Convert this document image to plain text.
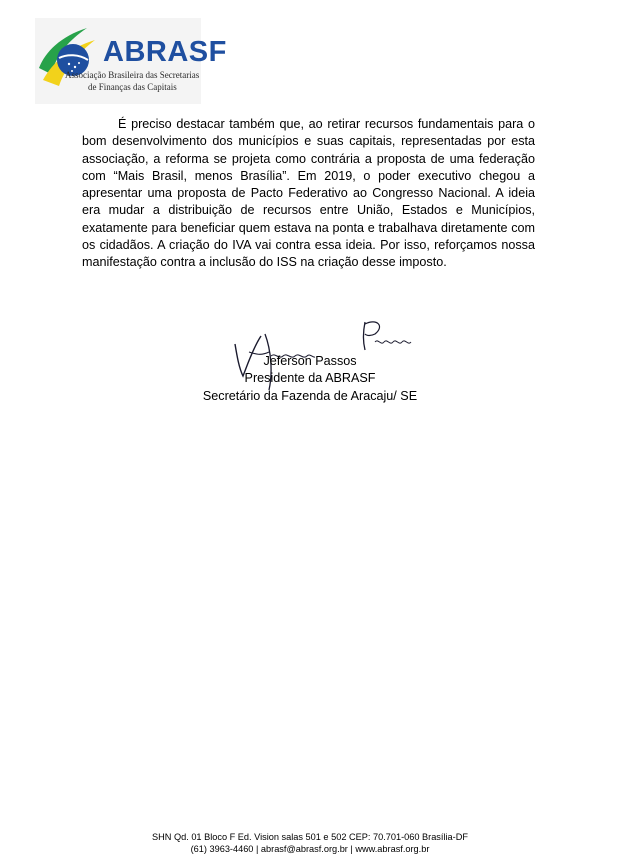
ABRASF
Associação Brasileira das Secretarias
de Finanças das Capitais

É preciso destacar também que, ao retirar recursos fundamentais para o bom desenvolvimento dos municípios e suas capitais, representadas por esta associação, a reforma se projeta como contrária a proposta de uma federação com “Mais Brasil, menos Brasília”. Em 2019, o poder executivo chegou a apresentar uma proposta de Pacto Federativo ao Congresso Nacional. A ideia era mudar a distribuição de recursos entre União, Estados e Municípios, exatamente para beneficiar quem estava na ponta e trabalhava diretamente com os cidadãos. A criação do IVA vai contra essa ideia. Por isso, reforçamos nossa manifestação contra a inclusão do ISS na criação desse imposto.

Jeferson Passos
Presidente da ABRASF
Secretário da Fazenda de Aracaju/ SE
SHN Qd. 01 Bloco F Ed. Vision salas 501 e 502 CEP: 70.701-060 Brasília-DF
(61) 3963-4460 | abrasf@abrasf.org.br | www.abrasf.org.br
